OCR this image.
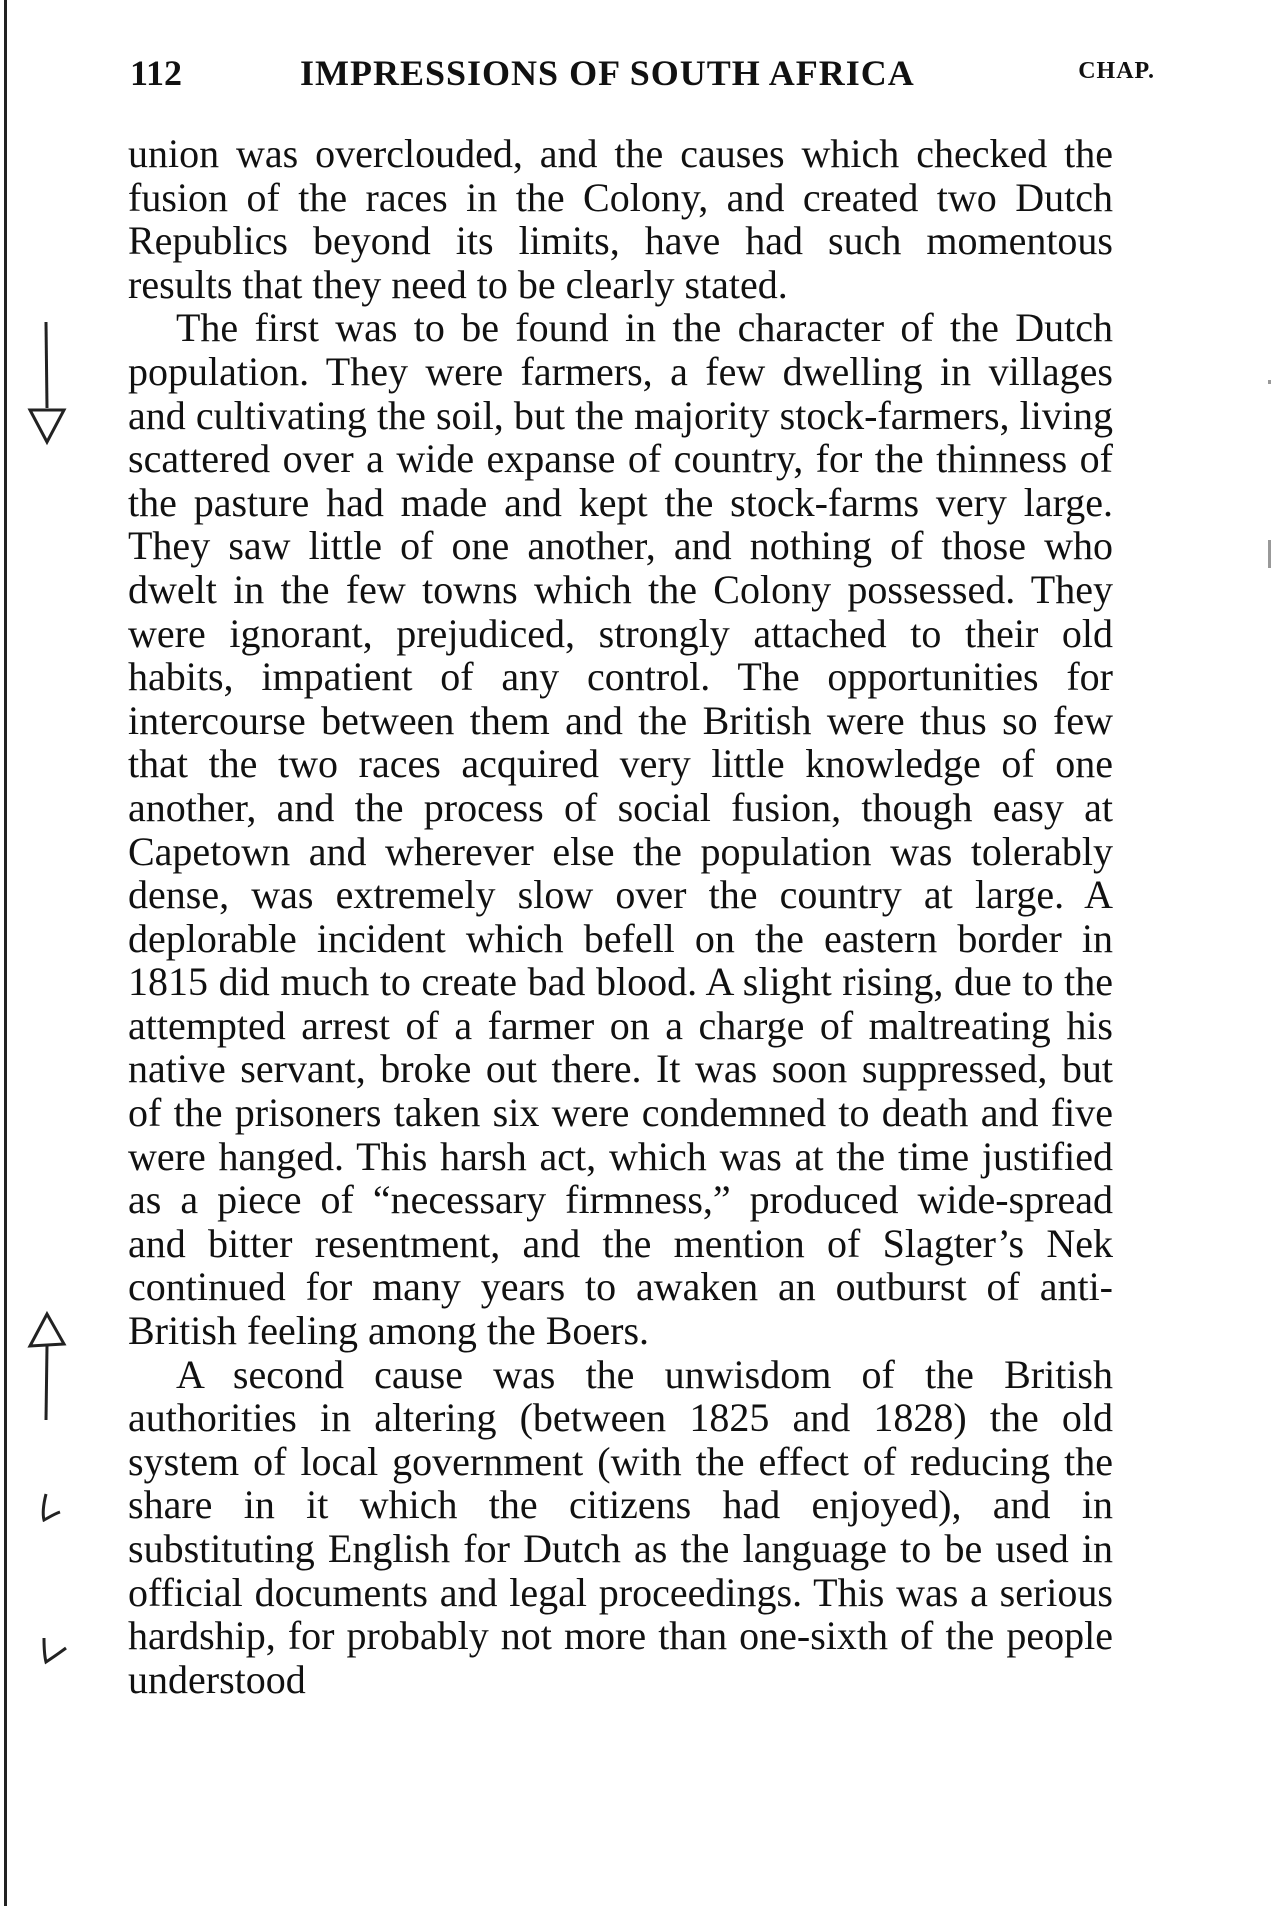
112	IMPRESSIONS OF SOUTH AFRICA	CHAP.

union was overclouded, and the causes which checked the fusion of the races in the Colony, and created two Dutch Republics beyond its limits, have had such momentous results that they need to be clearly stated.

The first was to be found in the character of the Dutch population. They were farmers, a few dwelling in villages and cultivating the soil, but the majority stock-farmers, living scattered over a wide expanse of country, for the thinness of the pasture had made and kept the stock-farms very large. They saw little of one another, and nothing of those who dwelt in the few towns which the Colony possessed. They were ignorant, prejudiced, strongly attached to their old habits, impatient of any control. The opportunities for intercourse between them and the British were thus so few that the two races acquired very little knowledge of one another, and the process of social fusion, though easy at Capetown and wherever else the population was tolerably dense, was extremely slow over the country at large. A deplorable incident which befell on the eastern border in 1815 did much to create bad blood. A slight rising, due to the attempted arrest of a farmer on a charge of maltreating his native servant, broke out there. It was soon suppressed, but of the prisoners taken six were condemned to death and five were hanged. This harsh act, which was at the time justified as a piece of “necessary firmness,” produced wide-spread and bitter resentment, and the mention of Slagter’s Nek continued for many years to awaken an outburst of anti-British feeling among the Boers.

A second cause was the unwisdom of the British authorities in altering (between 1825 and 1828) the old system of local government (with the effect of reducing the share in it which the citizens had enjoyed), and in substituting English for Dutch as the language to be used in official documents and legal proceedings. This was a serious hardship, for probably not more than one-sixth of the people understood
